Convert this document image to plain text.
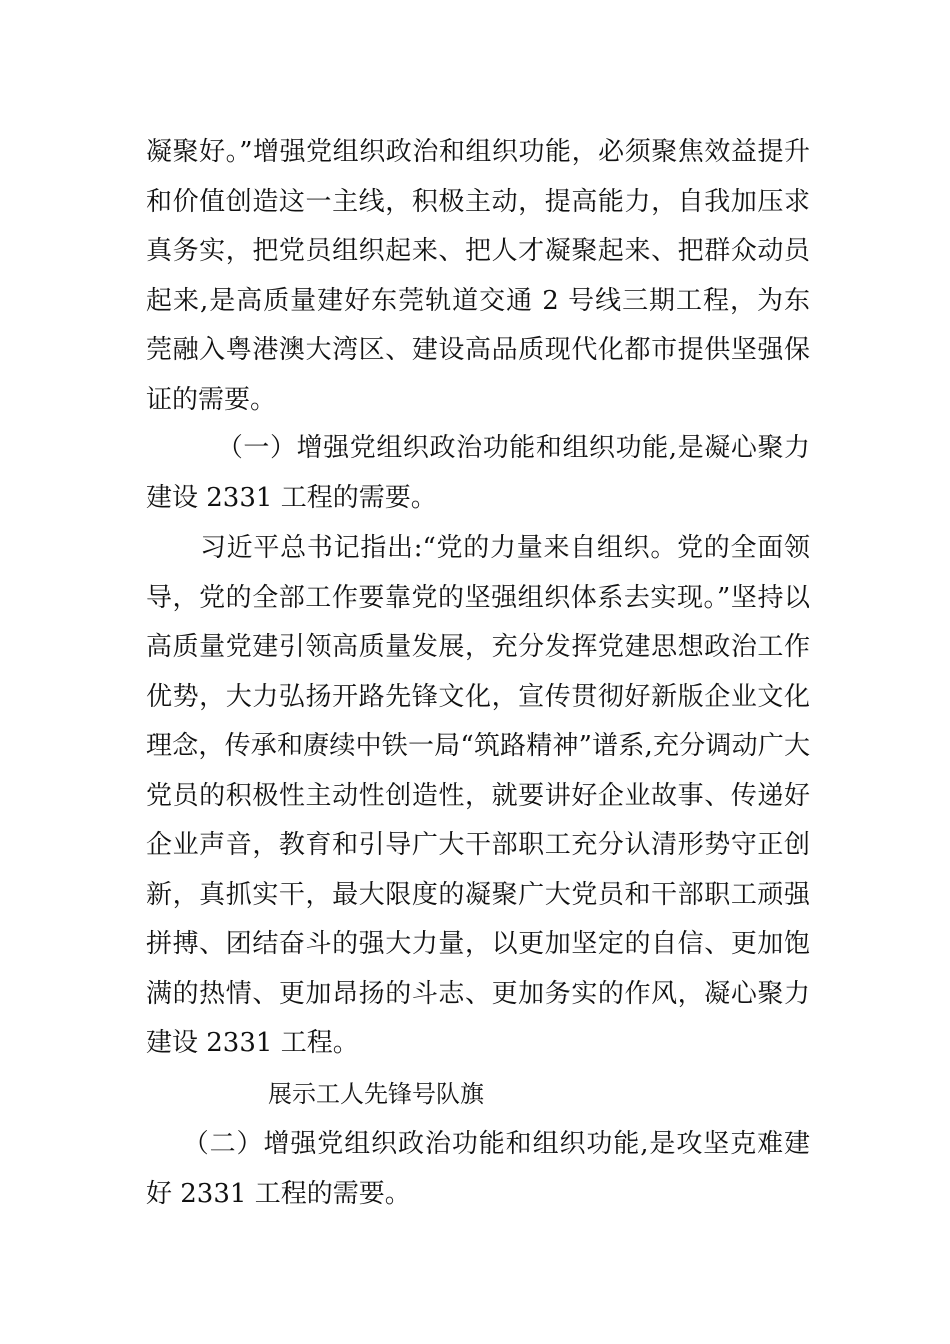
凝聚好。”增强党组织政治和组织功能，必须聚焦效益提升和价值创造这一主线，积极主动，提高能力，自我加压求真务实，把党员组织起来、把人才凝聚起来、把群众动员起来,是高质量建好东莞轨道交通 2 号线三期工程，为东莞融入粤港澳大湾区、建设高品质现代化都市提供坚强保证的需要。

（一）增强党组织政治功能和组织功能,是凝心聚力建设 2331 工程的需要。

习近平总书记指出:“党的力量来自组织。党的全面领导，党的全部工作要靠党的坚强组织体系去实现。”坚持以高质量党建引领高质量发展，充分发挥党建思想政治工作优势，大力弘扬开路先锋文化，宣传贯彻好新版企业文化理念，传承和赓续中铁一局“筑路精神”谱系,充分调动广大党员的积极性主动性创造性，就要讲好企业故事、传递好企业声音，教育和引导广大干部职工充分认清形势守正创新，真抓实干，最大限度的凝聚广大党员和干部职工顽强拼搏、团结奋斗的强大力量，以更加坚定的自信、更加饱满的热情、更加昂扬的斗志、更加务实的作风，凝心聚力建设 2331 工程。

展示工人先锋号队旗

（二）增强党组织政治功能和组织功能,是攻坚克难建好 2331 工程的需要。
